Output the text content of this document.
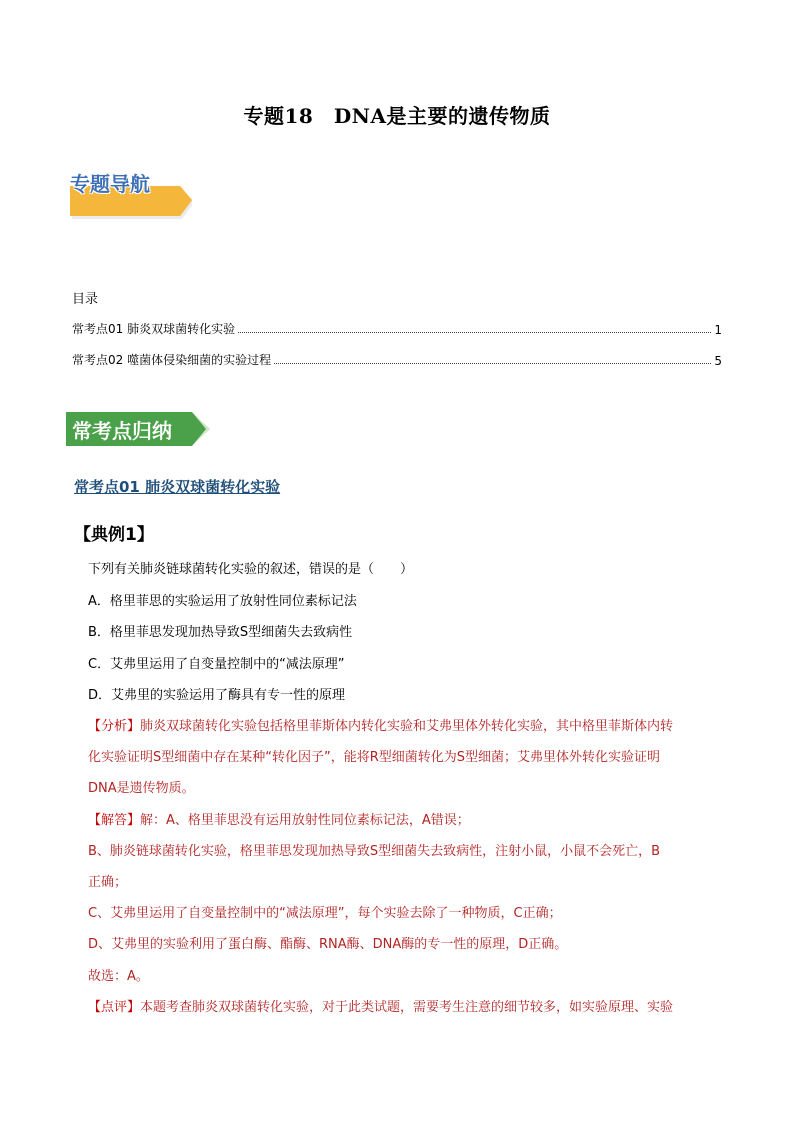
专题18　DNA是主要的遗传物质
专题导航
目录
常考点01 肺炎双球菌转化实验	1
常考点02 噬菌体侵染细菌的实验过程	5
常考点归纳
常考点01 肺炎双球菌转化实验
【典例1】
下列有关肺炎链球菌转化实验的叙述，错误的是（　　）
A．格里菲思的实验运用了放射性同位素标记法
B．格里菲思发现加热导致S型细菌失去致病性
C．艾弗里运用了自变量控制中的“减法原理”
D．艾弗里的实验运用了酶具有专一性的原理
【分析】肺炎双球菌转化实验包括格里菲斯体内转化实验和艾弗里体外转化实验，其中格里菲斯体内转
化实验证明S型细菌中存在某种“转化因子”，能将R型细菌转化为S型细菌；艾弗里体外转化实验证明
DNA是遗传物质。
【解答】解：A、格里菲思没有运用放射性同位素标记法，A错误；
B、肺炎链球菌转化实验，格里菲思发现加热导致S型细菌失去致病性，注射小鼠，小鼠不会死亡，B
正确；
C、艾弗里运用了自变量控制中的“减法原理”，每个实验去除了一种物质，C正确；
D、艾弗里的实验利用了蛋白酶、酯酶、RNA酶、DNA酶的专一性的原理，D正确。
故选：A。
【点评】本题考查肺炎双球菌转化实验，对于此类试题，需要考生注意的细节较多，如实验原理、实验
